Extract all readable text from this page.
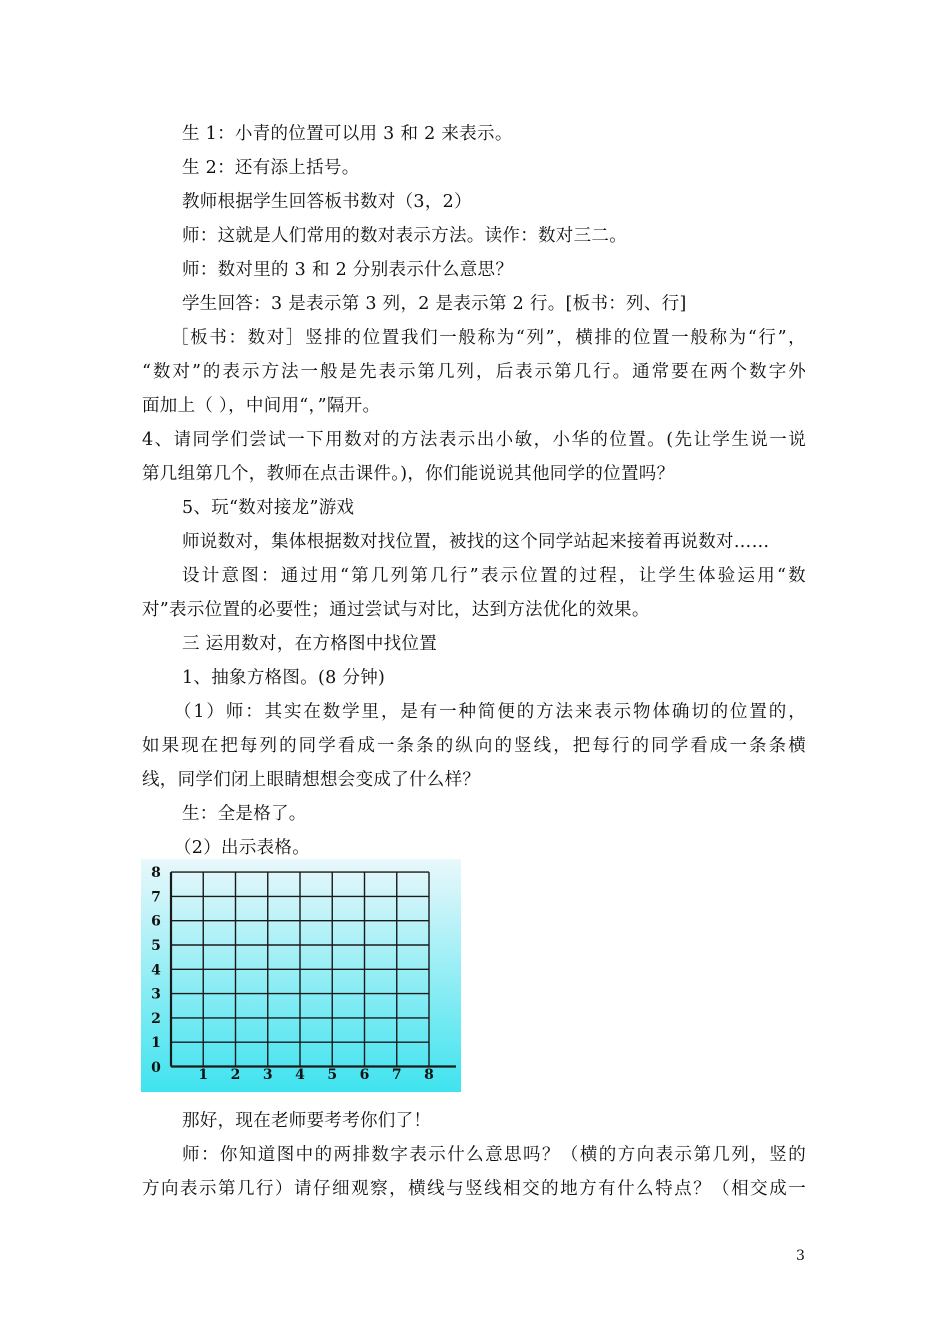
生 1：小青的位置可以用 3 和 2 来表示。
生 2：还有添上括号。
教师根据学生回答板书数对（3，2）
师：这就是人们常用的数对表示方法。读作：数对三二。
师：数对里的 3 和 2 分别表示什么意思？
学生回答：3 是表示第 3 列，2 是表示第 2 行。[板书：列、行]
［板书：数对］竖排的位置我们一般称为“列”，横排的位置一般称为“行”，
“数对”的表示方法一般是先表示第几列，后表示第几行。通常要在两个数字外
面加上（ ），中间用“，”隔开。
4、请同学们尝试一下用数对的方法表示出小敏，小华的位置。(先让学生说一说
第几组第几个，教师在点击课件。)，你们能说说其他同学的位置吗？
5、玩“数对接龙”游戏
师说数对，集体根据数对找位置，被找的这个同学站起来接着再说数对……
设计意图：通过用“第几列第几行”表示位置的过程，让学生体验运用“数
对”表示位置的必要性；通过尝试与对比，达到方法优化的效果。
三 运用数对，在方格图中找位置
1、抽象方格图。(8 分钟)
（1）师：其实在数学里，是有一种简便的方法来表示物体确切的位置的，
如果现在把每列的同学看成一条条的纵向的竖线，把每行的同学看成一条条横
线，同学们闭上眼睛想想会变成了什么样？
生：全是格了。
（2）出示表格。
1 2 3 4 5 6 7 8
1
2
3
4
5
6
7
8
0
那好，现在老师要考考你们了！
师：你知道图中的两排数字表示什么意思吗？（横的方向表示第几列，竖的
方向表示第几行）请仔细观察，横线与竖线相交的地方有什么特点？（相交成一
3
